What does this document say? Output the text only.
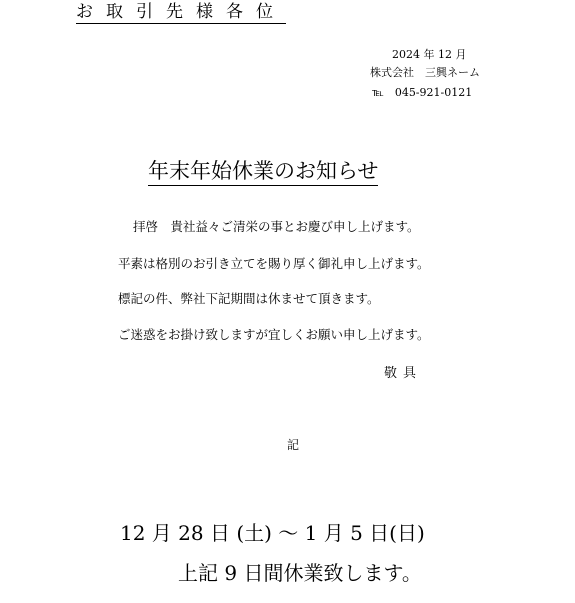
お取引先様各位
2024 年 12 月
株式会社　三興ネーム
℡　045-921-0121
年末年始休業のお知らせ
拝啓　貴社益々ご清栄の事とお慶び申し上げます。
平素は格別のお引き立てを賜り厚く御礼申し上げます。
標記の件、弊社下記期間は休ませて頂きます。
ご迷惑をお掛け致しますが宜しくお願い申し上げます。
敬具
記
12 月 28 日 (土) ～ 1 月 5 日(日)
上記 9 日間休業致します。
